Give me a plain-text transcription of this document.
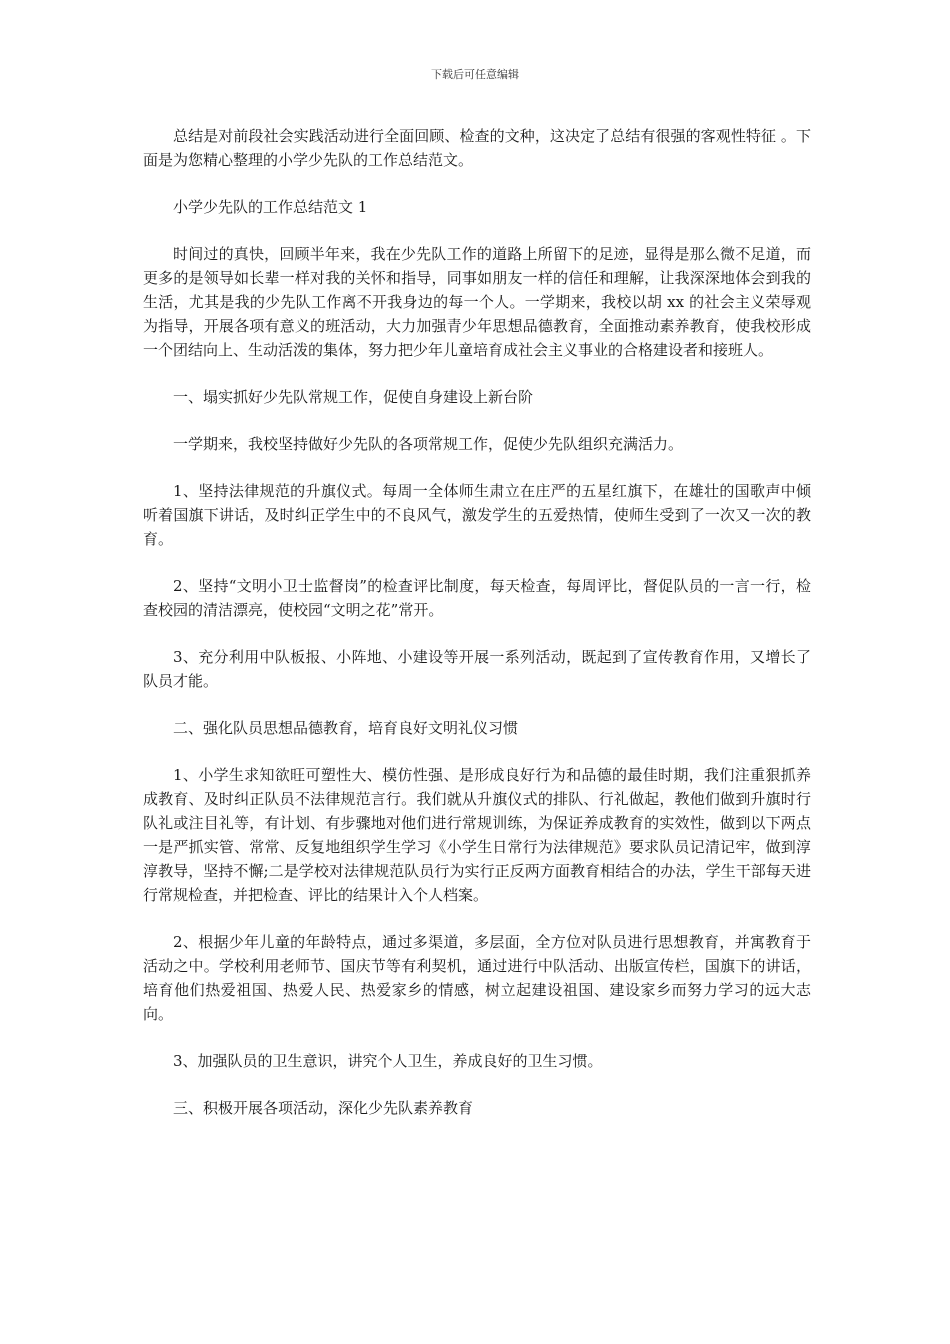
下载后可任意编辑

总结是对前段社会实践活动进行全面回顾、检查的文种，这决定了总结有很强的客观性特征 。下面是为您精心整理的小学少先队的工作总结范文。

小学少先队的工作总结范文 1

时间过的真快，回顾半年来，我在少先队工作的道路上所留下的足迹，显得是那么微不足道，而更多的是领导如长辈一样对我的关怀和指导，同事如朋友一样的信任和理解，让我深深地体会到我的生活，尤其是我的少先队工作离不开我身边的每一个人。一学期来，我校以胡 xx 的社会主义荣辱观为指导，开展各项有意义的班活动，大力加强青少年思想品德教育，全面推动素养教育，使我校形成一个团结向上、生动活泼的集体，努力把少年儿童培育成社会主义事业的合格建设者和接班人。

一、塌实抓好少先队常规工作，促使自身建设上新台阶

一学期来，我校坚持做好少先队的各项常规工作，促使少先队组织充满活力。

1、坚持法律规范的升旗仪式。每周一全体师生肃立在庄严的五星红旗下，在雄壮的国歌声中倾听着国旗下讲话，及时纠正学生中的不良风气，激发学生的五爱热情，使师生受到了一次又一次的教育。

2、坚持“文明小卫士监督岗”的检查评比制度，每天检查，每周评比，督促队员的一言一行，检查校园的清洁漂亮，使校园“文明之花”常开。

3、充分利用中队板报、小阵地、小建设等开展一系列活动，既起到了宣传教育作用，又增长了队员才能。

二、强化队员思想品德教育，培育良好文明礼仪习惯

1、小学生求知欲旺可塑性大、模仿性强、是形成良好行为和品德的最佳时期，我们注重狠抓养成教育、及时纠正队员不法律规范言行。我们就从升旗仪式的排队、行礼做起，教他们做到升旗时行队礼或注目礼等，有计划、有步骤地对他们进行常规训练，为保证养成教育的实效性，做到以下两点一是严抓实管、常常、反复地组织学生学习《小学生日常行为法律规范》要求队员记清记牢，做到淳淳教导，坚持不懈;二是学校对法律规范队员行为实行正反两方面教育相结合的办法，学生干部每天进行常规检查，并把检查、评比的结果计入个人档案。

2、根据少年儿童的年龄特点，通过多渠道，多层面，全方位对队员进行思想教育，并寓教育于活动之中。学校利用老师节、国庆节等有利契机，通过进行中队活动、出版宣传栏，国旗下的讲话，培育他们热爱祖国、热爱人民、热爱家乡的情感，树立起建设祖国、建设家乡而努力学习的远大志向。

3、加强队员的卫生意识，讲究个人卫生，养成良好的卫生习惯。

三、积极开展各项活动，深化少先队素养教育
